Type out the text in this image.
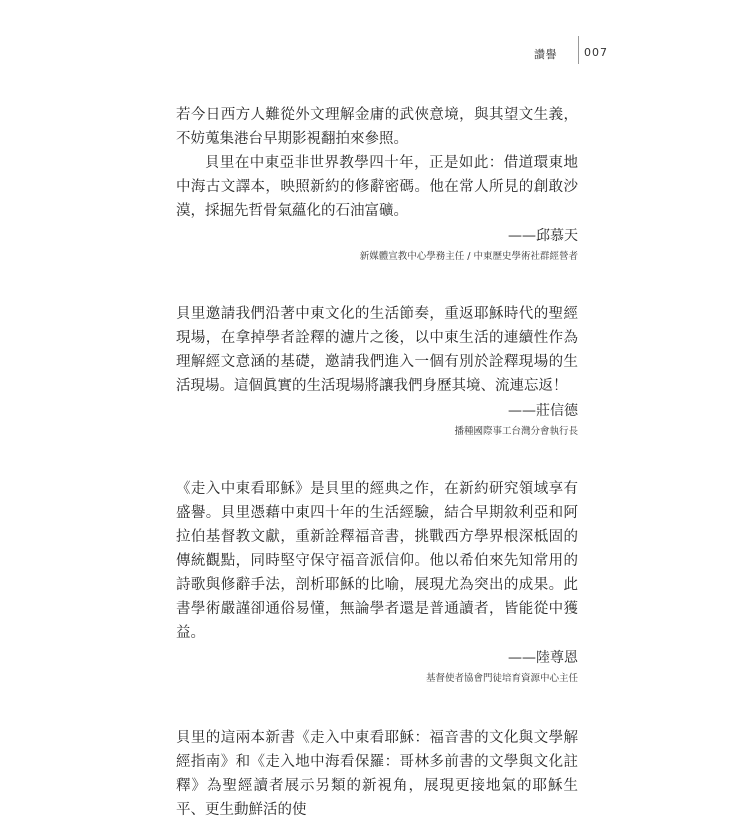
讚譽 007

若今日西方人難從外文理解金庸的武俠意境，與其望文生義，不妨蒐集港台早期影視翻拍來參照。

貝里在中東亞非世界教學四十年，正是如此：借道環東地中海古文譯本，映照新約的修辭密碼。他在常人所見的創敢沙漠，採掘先哲骨氣蘊化的石油富礦。

——邱慕天

新媒體宣教中心學務主任 / 中東歷史學術社群經營者

貝里邀請我們沿著中東文化的生活節奏，重返耶穌時代的聖經現場，在拿掉學者詮釋的濾片之後，以中東生活的連續性作為理解經文意涵的基礎，邀請我們進入一個有別於詮釋現場的生活現場。這個眞實的生活現場將讓我們身歷其境、流連忘返！

——莊信德

播種國際事工台灣分會執行長

《走入中東看耶穌》是貝里的經典之作，在新約研究領域享有盛譽。貝里憑藉中東四十年的生活經驗，結合早期敘利亞和阿拉伯基督教文獻，重新詮釋福音書，挑戰西方學界根深柢固的傳統觀點，同時堅守保守福音派信仰。他以希伯來先知常用的詩歌與修辭手法，剖析耶穌的比喻，展現尤為突出的成果。此書學術嚴謹卻通俗易懂，無論學者還是普通讀者，皆能從中獲益。

——陸尊恩

基督使者協會門徒培育資源中心主任

貝里的這兩本新書《走入中東看耶穌：福音書的文化與文學解經指南》和《走入地中海看保羅：哥林多前書的文學與文化註釋》為聖經讀者展示另類的新視角，展現更接地氣的耶穌生平、更生動鮮活的使
